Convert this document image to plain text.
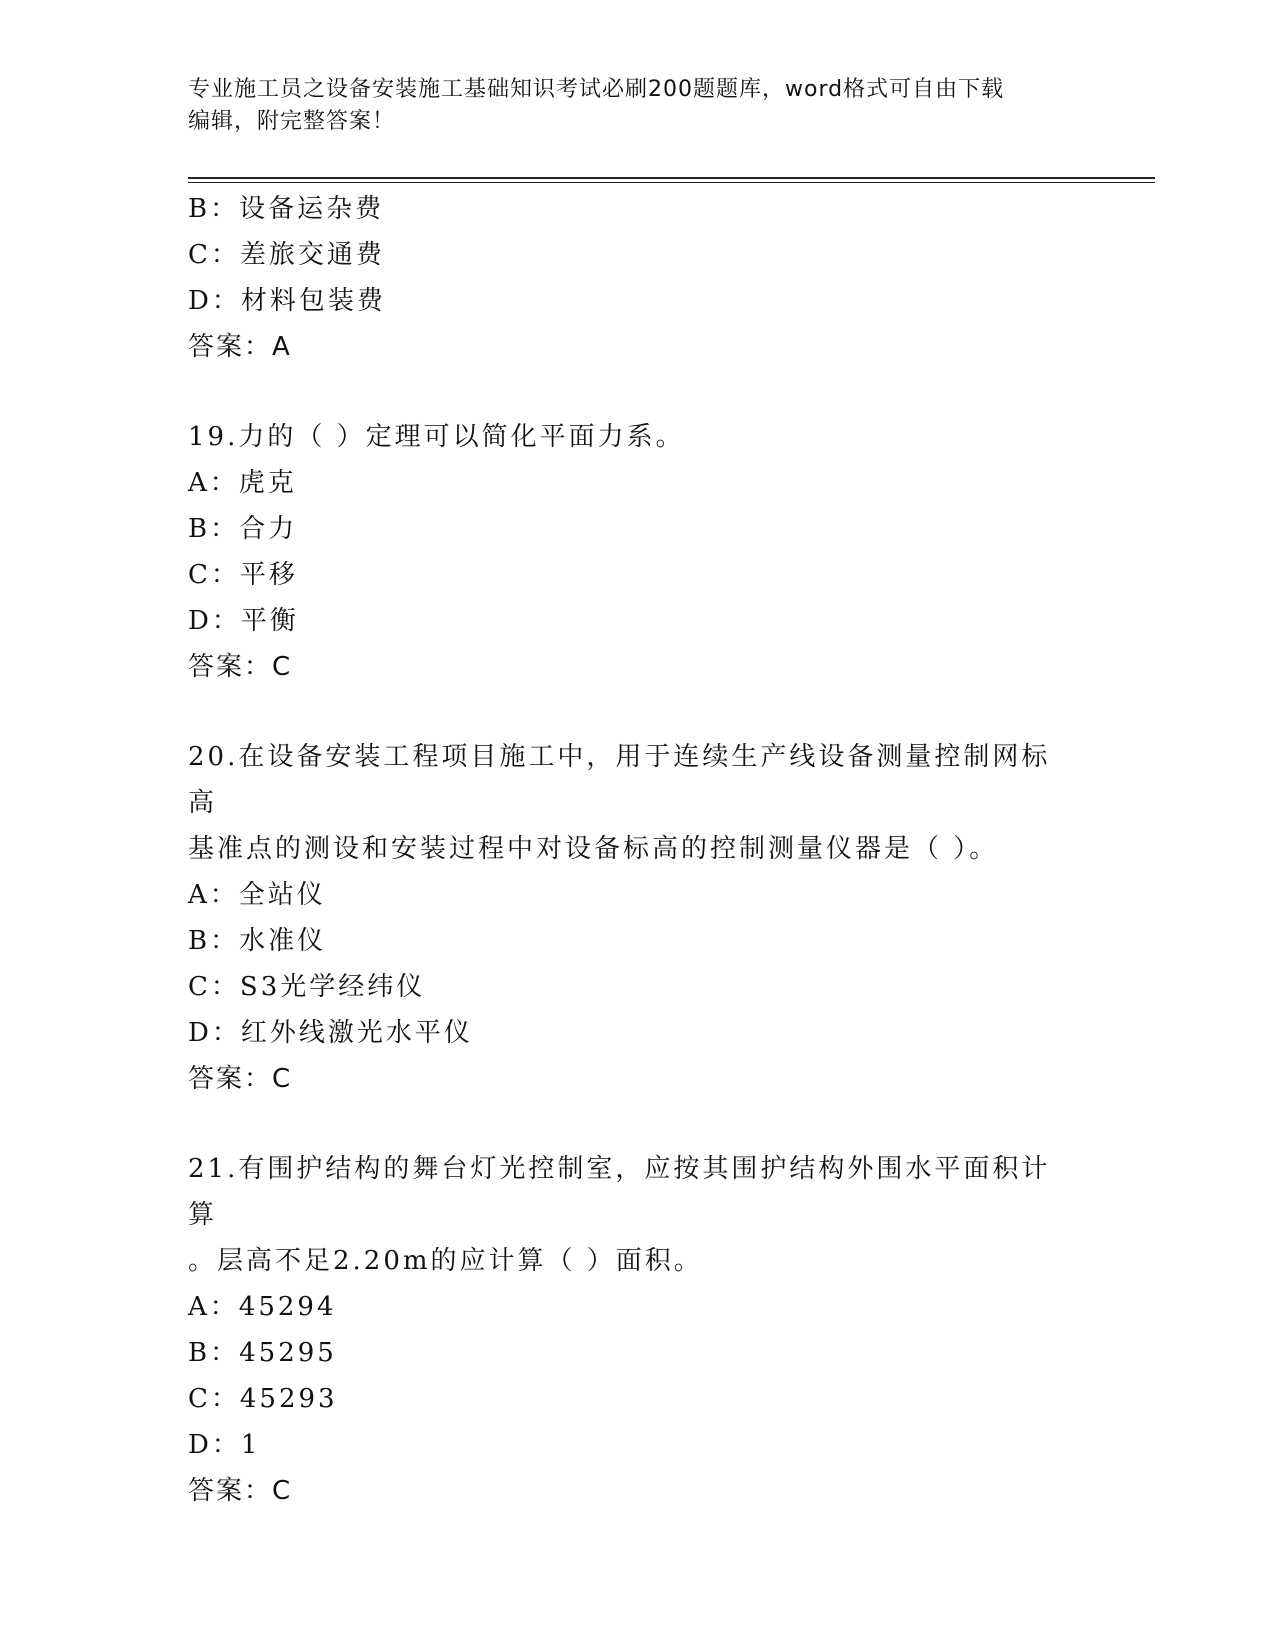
专业施工员之设备安装施工基础知识考试必刷200题题库，word格式可自由下载
编辑，附完整答案！
B：设备运杂费
C：差旅交通费
D：材料包装费
答案：A
19.力的（ ）定理可以简化平面力系。
A：虎克
B：合力
C：平移
D：平衡
答案：C
20.在设备安装工程项目施工中，用于连续生产线设备测量控制网标高
基准点的测设和安装过程中对设备标高的控制测量仪器是（ ）。
A：全站仪
B：水准仪
C：S3光学经纬仪
D：红外线激光水平仪
答案：C
21.有围护结构的舞台灯光控制室，应按其围护结构外围水平面积计算
。层高不足2.20m的应计算（ ）面积。
A：45294
B：45295
C：45293
D：1
答案：C
